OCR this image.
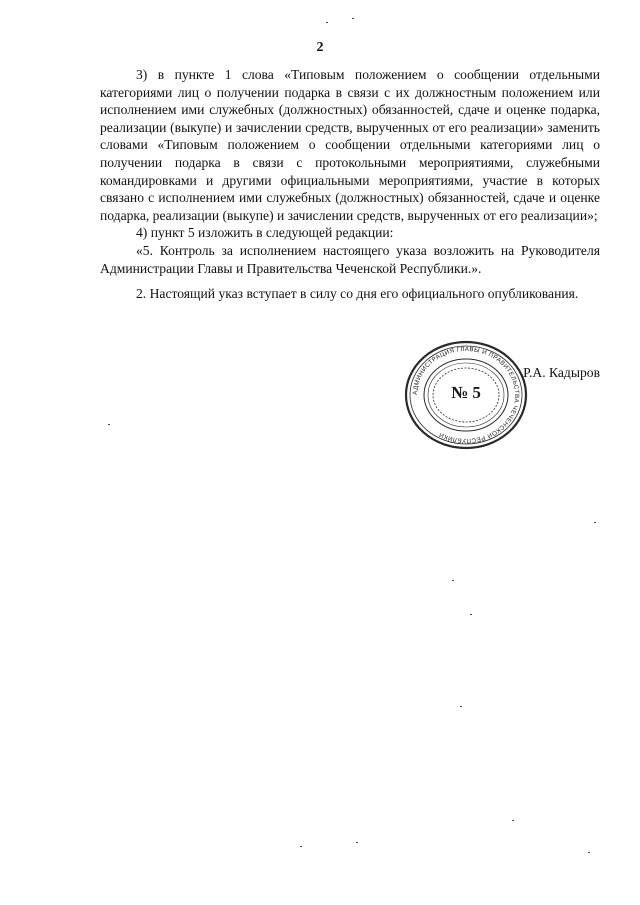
2

3) в пункте 1 слова «Типовым положением о сообщении отдельными категориями лиц о получении подарка в связи с их должностным положением или исполнением ими служебных (должностных) обязанностей, сдаче и оценке подарка, реализации (выкупе) и зачислении средств, вырученных от его реализации» заменить словами «Типовым положением о сообщении отдельными категориями лиц о получении подарка в связи с протокольными мероприятиями, служебными командировками и другими официальными мероприятиями, участие в которых связано с исполнением ими служебных (должностных) обязанностей, сдаче и оценке подарка, реализации (выкупе) и зачислении средств, вырученных от его реализации»;

4) пункт 5 изложить в следующей редакции:

«5. Контроль за исполнением настоящего указа возложить на Руководителя Администрации Главы и Правительства Чеченской Республики.».

2. Настоящий указ вступает в силу со дня его официального опубликования.

АДМИНИСТРАЦИЯ ГЛАВЫ И ПРАВИТЕЛЬСТВА ЧЕЧЕНСКОЙ РЕСПУБЛИКИ
№ 5
Р.А. Кадыров
